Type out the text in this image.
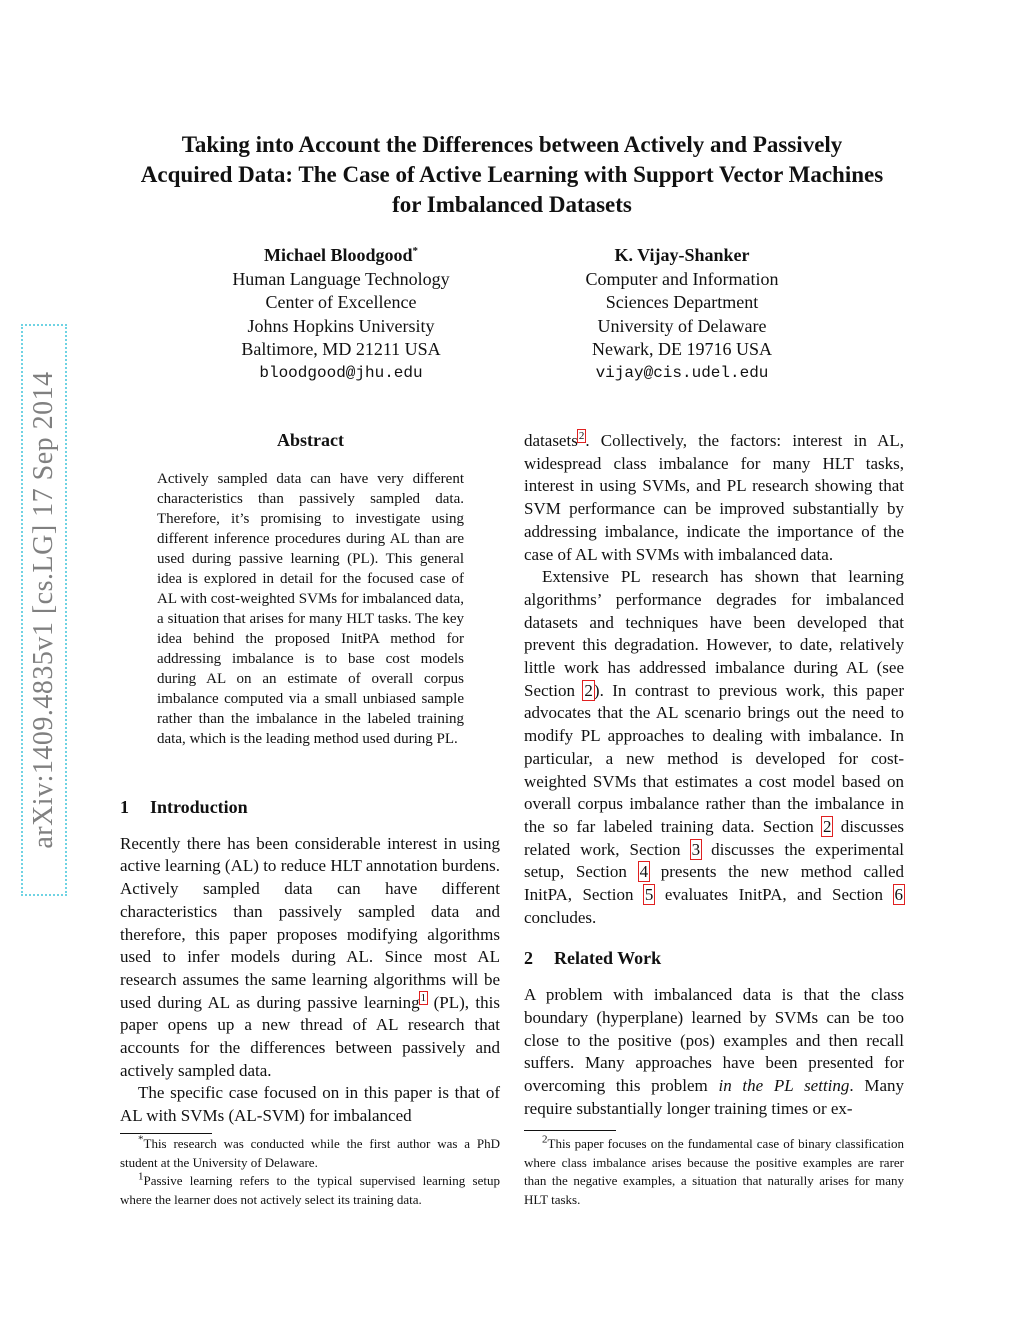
arXiv:1409.4835v1 [cs.LG] 17 Sep 2014
Taking into Account the Differences between Actively and Passively
Acquired Data: The Case of Active Learning with Support Vector Machines
for Imbalanced Datasets
Michael Bloodgood*
Human Language Technology
Center of Excellence
Johns Hopkins University
Baltimore, MD 21211 USA
bloodgood@jhu.edu
K. Vijay-Shanker
Computer and Information
Sciences Department
University of Delaware
Newark, DE 19716 USA
vijay@cis.udel.edu
Abstract
Actively sampled data can have very different characteristics than passively sampled data. Therefore, it’s promising to investigate using different inference procedures during AL than are used during passive learning (PL). This general idea is explored in detail for the focused case of AL with cost-weighted SVMs for imbalanced data, a situation that arises for many HLT tasks. The key idea behind the proposed InitPA method for addressing imbalance is to base cost models during AL on an estimate of overall corpus imbalance computed via a small unbiased sample rather than the imbalance in the labeled training data, which is the leading method used during PL.
1 Introduction

Recently there has been considerable interest in using active learning (AL) to reduce HLT annotation burdens. Actively sampled data can have different characteristics than passively sampled data and therefore, this paper proposes modifying algorithms used to infer models during AL. Since most AL research assumes the same learning algorithms will be used during AL as during passive learning$^1$ (PL), this paper opens up a new thread of AL research that accounts for the differences between passively and actively sampled data.

The specific case focused on in this paper is that of AL with SVMs (AL-SVM) for imbalanced

*This research was conducted while the first author was a PhD student at the University of Delaware.

$^1$Passive learning refers to the typical supervised learning setup where the learner does not actively select its training data.

datasets$^2$. Collectively, the factors: interest in AL, widespread class imbalance for many HLT tasks, interest in using SVMs, and PL research showing that SVM performance can be improved substantially by addressing imbalance, indicate the importance of the case of AL with SVMs with imbalanced data.

Extensive PL research has shown that learning algorithms’ performance degrades for imbalanced datasets and techniques have been developed that prevent this degradation. However, to date, relatively little work has addressed imbalance during AL (see Section 2). In contrast to previous work, this paper advocates that the AL scenario brings out the need to modify PL approaches to dealing with imbalance. In particular, a new method is developed for cost-weighted SVMs that estimates a cost model based on overall corpus imbalance rather than the imbalance in the so far labeled training data. Section 2 discusses related work, Section 3 discusses the experimental setup, Section 4 presents the new method called InitPA, Section 5 evaluates InitPA, and Section 6 concludes.

2 Related Work

A problem with imbalanced data is that the class boundary (hyperplane) learned by SVMs can be too close to the positive (pos) examples and then recall suffers. Many approaches have been presented for overcoming this problem in the PL setting. Many require substantially longer training times or ex-

$^2$This paper focuses on the fundamental case of binary classification where class imbalance arises because the positive examples are rarer than the negative examples, a situation that naturally arises for many HLT tasks.
